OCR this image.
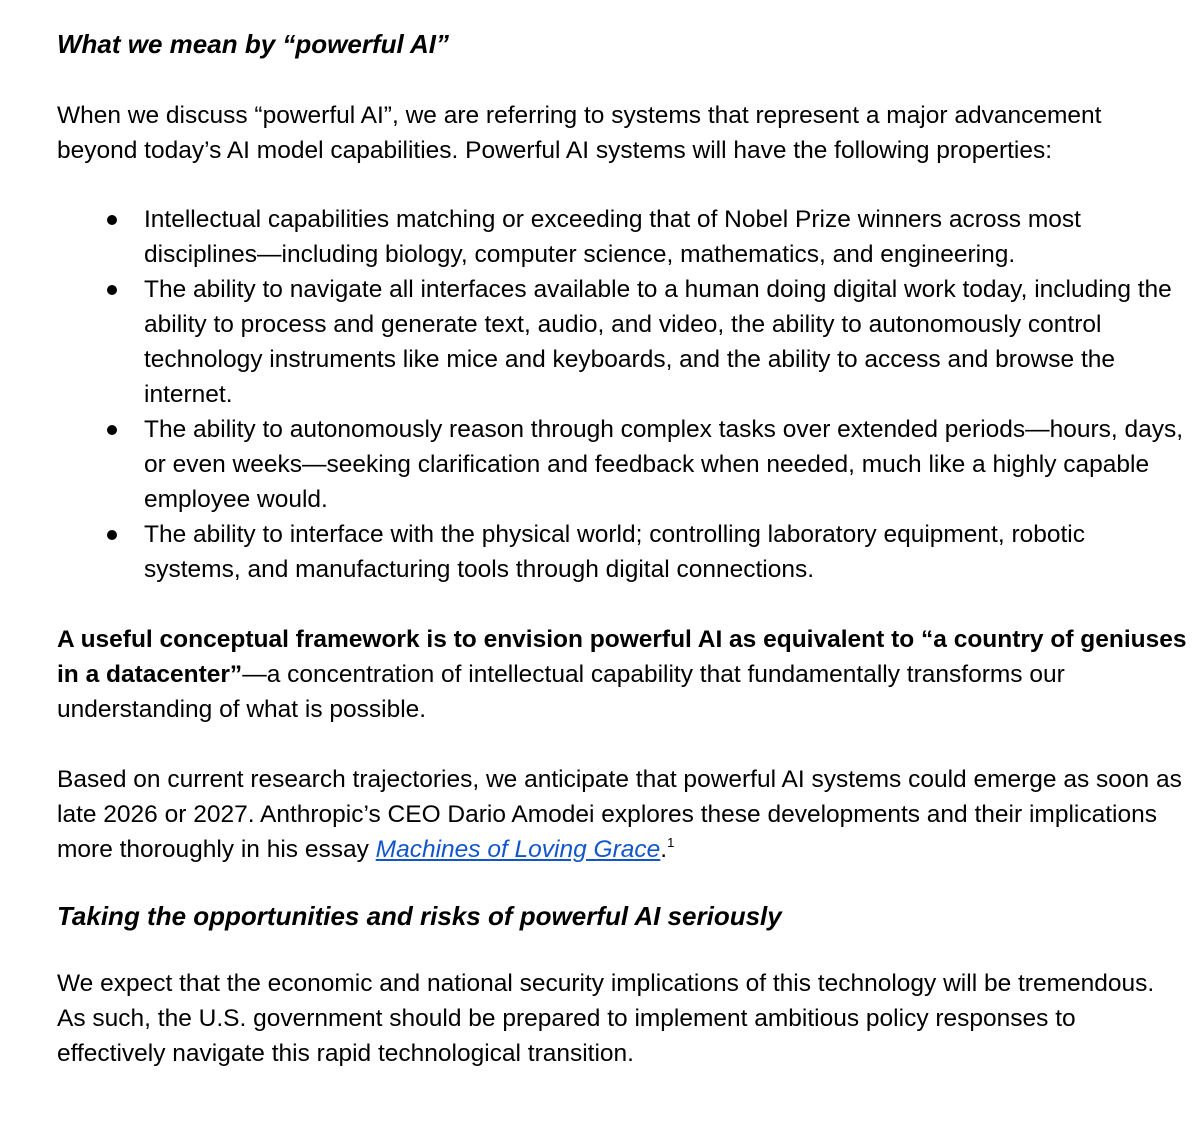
What we mean by “powerful AI”

When we discuss “powerful AI”, we are referring to systems that represent a major advancement beyond today’s AI model capabilities. Powerful AI systems will have the following properties:

Intellectual capabilities matching or exceeding that of Nobel Prize winners across most disciplines—including biology, computer science, mathematics, and engineering.
The ability to navigate all interfaces available to a human doing digital work today, including the ability to process and generate text, audio, and video, the ability to autonomously control technology instruments like mice and keyboards, and the ability to access and browse the internet.
The ability to autonomously reason through complex tasks over extended periods—hours, days, or even weeks—seeking clarification and feedback when needed, much like a highly capable employee would.
The ability to interface with the physical world; controlling laboratory equipment, robotic systems, and manufacturing tools through digital connections.

A useful conceptual framework is to envision powerful AI as equivalent to “a country of geniuses in a datacenter”—a concentration of intellectual capability that fundamentally transforms our understanding of what is possible.

Based on current research trajectories, we anticipate that powerful AI systems could emerge as soon as late 2026 or 2027. Anthropic’s CEO Dario Amodei explores these developments and their implications more thoroughly in his essay Machines of Loving Grace.$^1$

Taking the opportunities and risks of powerful AI seriously

We expect that the economic and national security implications of this technology will be tremendous. As such, the U.S. government should be prepared to implement ambitious policy responses to effectively navigate this rapid technological transition.
